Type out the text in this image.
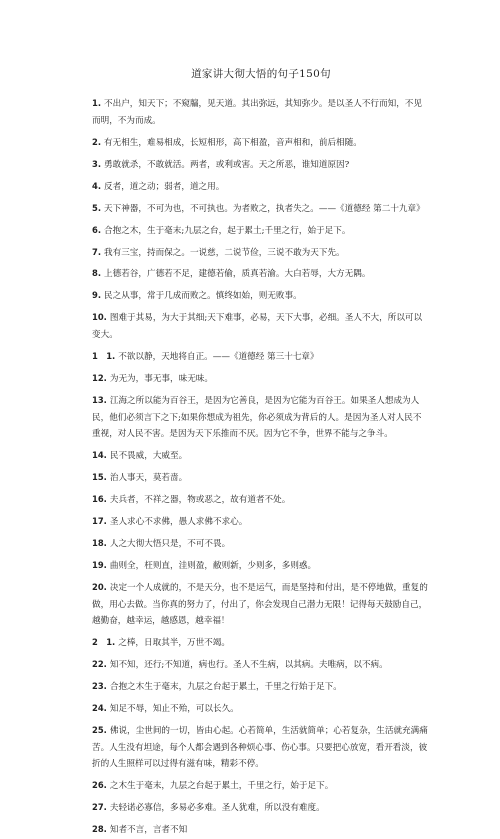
道家讲大彻大悟的句子150句
1. 不出户，知天下；不窥牖，见天道。其出弥远，其知弥少。是以圣人不行而知，不见而明，不为而成。
2. 有无相生，难易相成，长短相形，高下相盈，音声相和，前后相随。
3. 勇敢就杀，不敢就活。两者，或利或害。天之所恶，谁知道原因?
4. 反者，道之动；弱者，道之用。
5. 天下神器，不可为也，不可执也。为者败之，执者失之。——《道德经 第二十九章》
6. 合抱之木，生于毫末;九层之台，起于累土;千里之行，始于足下。
7. 我有三宝，持而保之。一说慈，二说节俭，三说不敢为天下先。
8. 上德若谷，广德若不足，建德若偷，质真若渝。大白若辱，大方无隅。
9. 民之从事，常于几成而败之。慎终如始，则无败事。
10. 图难于其易，为大于其细;天下难事，必易，天下大事，必细。圣人不大，所以可以变大。
1　1. 不欲以静，天地将自正。——《道德经 第三十七章》
12. 为无为，事无事，味无味。
13. 江海之所以能为百谷王，是因为它善良，是因为它能为百谷王。如果圣人想成为人民，他们必须言下之下;如果你想成为祖先，你必须成为背后的人。是因为圣人对人民不重视，对人民不害。是因为天下乐推而不厌。因为它不争，世界不能与之争斗。
14. 民不畏威，大威至。
15. 治人事天，莫若啬。
16. 夫兵者，不祥之器，物或恶之，故有道者不处。
17. 圣人求心不求佛，愚人求佛不求心。
18. 人之大彻大悟只是，不可不畏。
19. 曲则全，枉则直，洼则盈，敝则新，少则多，多则惑。
20. 决定一个人成就的，不是天分，也不是运气，而是坚持和付出，是不停地做，重复的做，用心去做。当你真的努力了，付出了，你会发现自己潜力无限！记得每天鼓励自己，越勤奋，越幸运，越感恩，越幸福！
2　1. 之棒，日取其半，万世不竭。
22. 知不知，还行;不知道，病也行。圣人不生病，以其病。夫唯病，以不病。
23. 合抱之木生于毫末，九层之台起于累土，千里之行始于足下。
24. 知足不辱，知止不殆，可以长久。
25. 佛说，尘世间的一切，皆由心起。心若简单，生活就简单；心若复杂，生活就充满痛苦。人生没有坦途，每个人都会遇到各种烦心事、伤心事。只要把心放宽，看开看淡，彼折的人生照样可以过得有滋有味，精彩不停。
26. 之木生于毫末，九层之台起于累土，千里之行，始于足下。
27. 夫轻诺必寡信，多易必多难。圣人犹难，所以没有难度。
28. 知者不言，言者不知
